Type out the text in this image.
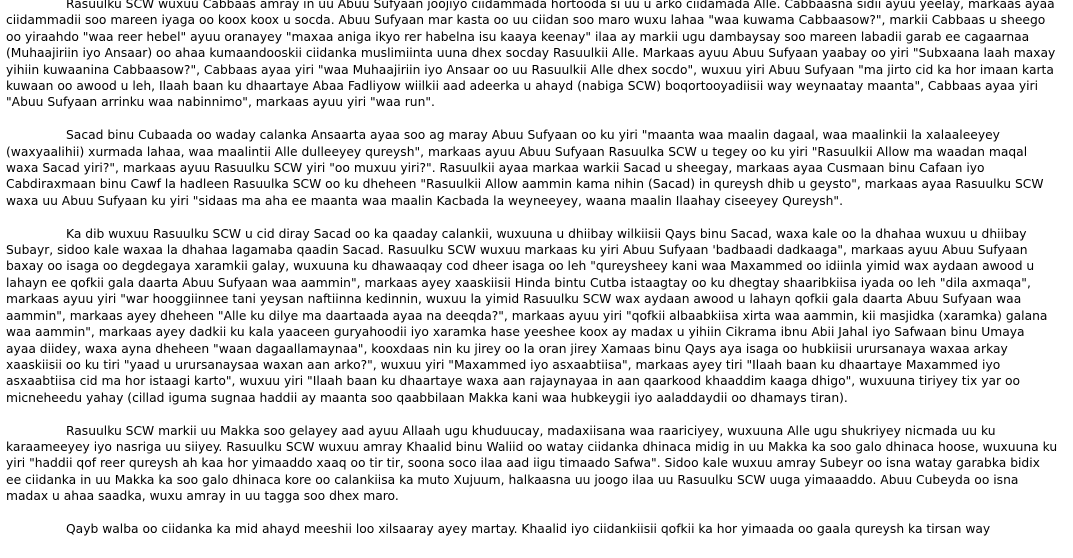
Rasuulku SCW wuxuu Cabbaas amray in uu Abuu Sufyaan joojiyo ciidammada hortooda si uu u arko ciidamada Alle. Cabbaasna sidii ayuu yeelay, markaas ayaa ciidammadii soo mareen iyaga oo koox koox u socda. Abuu Sufyaan mar kasta oo uu ciidan soo maro wuxu lahaa "waa kuwama Cabbaasow?", markii Cabbaas u sheego oo yiraahdo "waa reer hebel" ayuu oranayey "maxaa aniga ikyo rer habelna isu kaaya keenay" ilaa ay markii ugu dambaysay soo mareen labadii garab ee cagaarnaa (Muhaajiriin iyo Ansaar) oo ahaa kumaandooskii ciidanka muslimiinta uuna dhex socday Rasuulkii Alle. Markaas ayuu Abuu Sufyaan yaabay oo yiri "Subxaana laah maxay yihiin kuwaanina Cabbaasow?", Cabbaas ayaa yiri "waa Muhaajiriin iyo Ansaar oo uu Rasuulkii Alle dhex socdo", wuxuu yiri Abuu Sufyaan "ma jirto cid ka hor imaan karta kuwaan oo awood u leh, Ilaah baan ku dhaartaye Abaa Fadliyow wiilkii aad adeerka u ahayd (nabiga SCW) boqortooyadiisii way weynaatay maanta", Cabbaas ayaa yiri "Abuu Sufyaan arrinku waa nabinnimo", markaas ayuu yiri "waa run".

Sacad binu Cubaada oo waday calanka Ansaarta ayaa soo ag maray Abuu Sufyaan oo ku yiri "maanta waa maalin dagaal, waa maalinkii la xalaaleeyey (waxyaalihii) xurmada lahaa, waa maalintii Alle dulleeyey qureysh", markaas ayuu Abuu Sufyaan Rasuulka SCW u tegey oo ku yiri "Rasuulkii Allow ma waadan maqal waxa Sacad yiri?", markaas ayuu Rasuulku SCW yiri "oo muxuu yiri?". Rasuulkii ayaa markaa warkii Sacad u sheegay, markaas ayaa Cusmaan binu Cafaan iyo Cabdiraxmaan binu Cawf la hadleen Rasuulka SCW oo ku dheheen "Rasuulkii Allow aammin kama nihin (Sacad) in qureysh dhib u geysto", markaas ayaa Rasuulku SCW waxa uu Abuu Sufyaan ku yiri "sidaas ma aha ee maanta waa maalin Kacbada la weyneeyey, waana maalin Ilaahay ciseeyey Qureysh".

Ka dib wuxuu Rasuulku SCW u cid diray Sacad oo ka qaaday calankii, wuxuuna u dhiibay wilkiisii Qays binu Sacad, waxa kale oo la dhahaa wuxuu u dhiibay Subayr, sidoo kale waxaa la dhahaa lagamaba qaadin Sacad. Rasuulku SCW wuxuu markaas ku yiri Abuu Sufyaan 'badbaadi dadkaaga", markaas ayuu Abuu Sufyaan baxay oo isaga oo degdegaya xaramkii galay, wuxuuna ku dhawaaqay cod dheer isaga oo leh "qureysheey kani waa Maxammed oo idiinla yimid wax aydaan awood u lahayn ee qofkii gala daarta Abuu Sufyaan waa aammin", markaas ayey xaaskiisii Hinda bintu Cutba istaagtay oo ku dhegtay shaaribkiisa iyada oo leh "dila axmaqa", markaas ayuu yiri "war hooggiinnee tani yeysan naftiinna kedinnin, wuxuu la yimid Rasuulku SCW wax aydaan awood u lahayn qofkii gala daarta Abuu Sufyaan waa aammin", markaas ayey dheheen "Alle ku dilye ma daartaada ayaa na deeqda?", markaas ayuu yiri "qofkii albaabkiisa xirta waa aammin, kii masjidka (xaramka) galana waa aammin", markaas ayey dadkii ku kala yaaceen guryahoodii iyo xaramka hase yeeshee koox ay madax u yihiin Cikrama ibnu Abii Jahal iyo Safwaan binu Umaya ayaa diidey, waxa ayna dheheen "waan dagaallamaynaa", kooxdaas nin ku jirey oo la oran jirey Xamaas binu Qays aya isaga oo hubkiisii urursanaya waxaa arkay xaaskiisii oo ku tiri "yaad u urursanaysaa waxan aan arko?", wuxuu yiri "Maxammed iyo asxaabtiisa", markaas ayey tiri "Ilaah baan ku dhaartaye Maxammed iyo asxaabtiisa cid ma hor istaagi karto", wuxuu yiri "Ilaah baan ku dhaartaye waxa aan rajaynayaa in aan qaarkood khaaddim kaaga dhigo", wuxuuna tiriyey tix yar oo micneheedu yahay (cillad iguma sugnaa haddii ay maanta soo qaabbilaan Makka kani waa hubkeygii iyo aaladdaydii oo dhamays tiran).

Rasuulku SCW markii uu Makka soo gelayey aad ayuu Allaah ugu khuduucay, madaxiisana waa raariciyey, wuxuuna Alle ugu shukriyey nicmada uu ku karaameeyey iyo nasriga uu siiyey. Rasuulku SCW wuxuu amray Khaalid binu Waliid oo watay ciidanka dhinaca midig in uu Makka ka soo galo dhinaca hoose, wuxuuna ku yiri "haddii qof reer qureysh ah kaa hor yimaaddo xaaq oo tir tir, soona soco ilaa aad iigu timaado Safwa". Sidoo kale wuxuu amray Subeyr oo isna watay garabka bidix ee ciidanka in uu Makka ka soo galo dhinaca kore oo calankiisa ka muto Xujuum, halkaasna uu joogo ilaa uu Rasuulku SCW uuga yimaaaddo. Abuu Cubeyda oo isna madax u ahaa saadka, wuxu amray in uu tagga soo dhex maro.

Qayb walba oo ciidanka ka mid ahayd meeshii loo xilsaaray ayey martay. Khaalid iyo ciidankiisii qofkii ka hor yimaada oo gaala qureysh ka tirsan way
